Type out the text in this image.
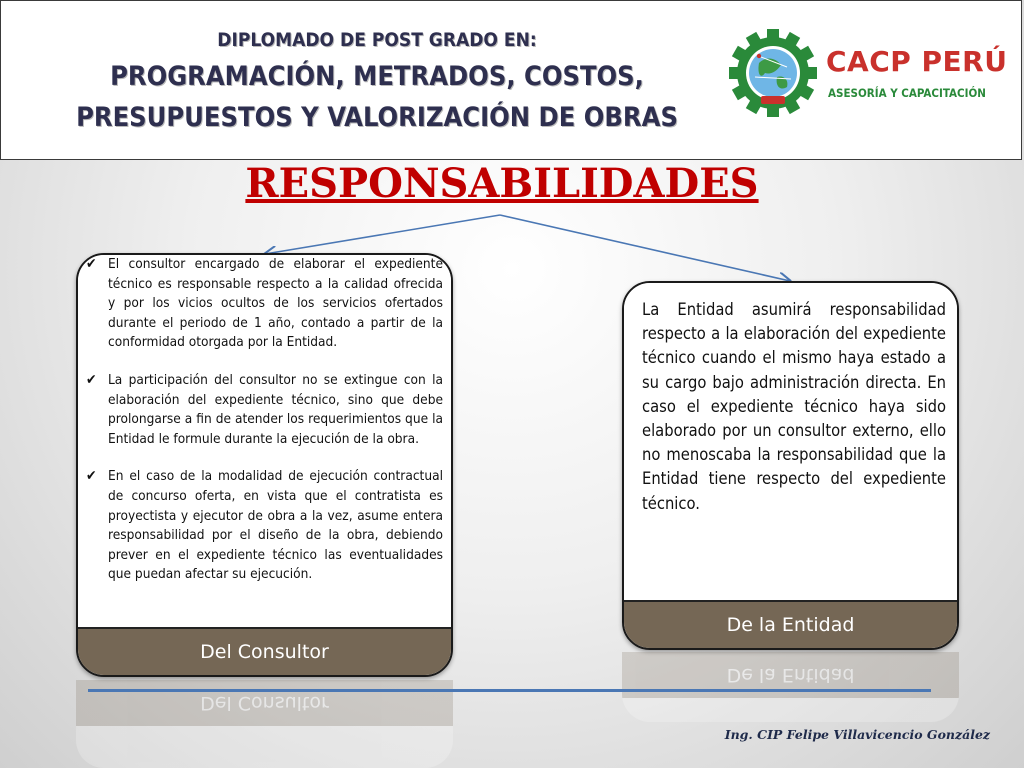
DIPLOMADO DE POST GRADO EN:
PROGRAMACIÓN, METRADOS, COSTOS,
PRESUPUESTOS Y VALORIZACIÓN DE OBRAS
CACP PERÚ
ASESORÍA Y CAPACITACIÓN
RESPONSABILIDADES
✔ El consultor encargado de elaborar el expediente técnico es responsable respecto a la calidad ofrecida y por los vicios ocultos de los servicios ofertados durante el periodo de 1 año, contado a partir de la conformidad otorgada por la Entidad.
✔ La participación del consultor no se extingue con la elaboración del expediente técnico, sino que debe prolongarse a fin de atender los requerimientos que la Entidad le formule durante la ejecución de la obra.
✔ En el caso de la modalidad de ejecución contractual de concurso oferta, en vista que el contratista es proyectista y ejecutor de obra a la vez, asume entera responsabilidad por el diseño de la obra, debiendo prever en el expediente técnico las eventualidades que puedan afectar su ejecución.
Del Consultor
La Entidad asumirá responsabilidad respecto a la elaboración del expediente técnico cuando el mismo haya estado a su cargo bajo administración directa. En caso el expediente técnico haya sido elaborado por un consultor externo, ello no menoscaba la responsabilidad que la Entidad tiene respecto del expediente técnico.
De la Entidad
Del Consultor
De la Entidad
Ing. CIP Felipe Villavicencio González
